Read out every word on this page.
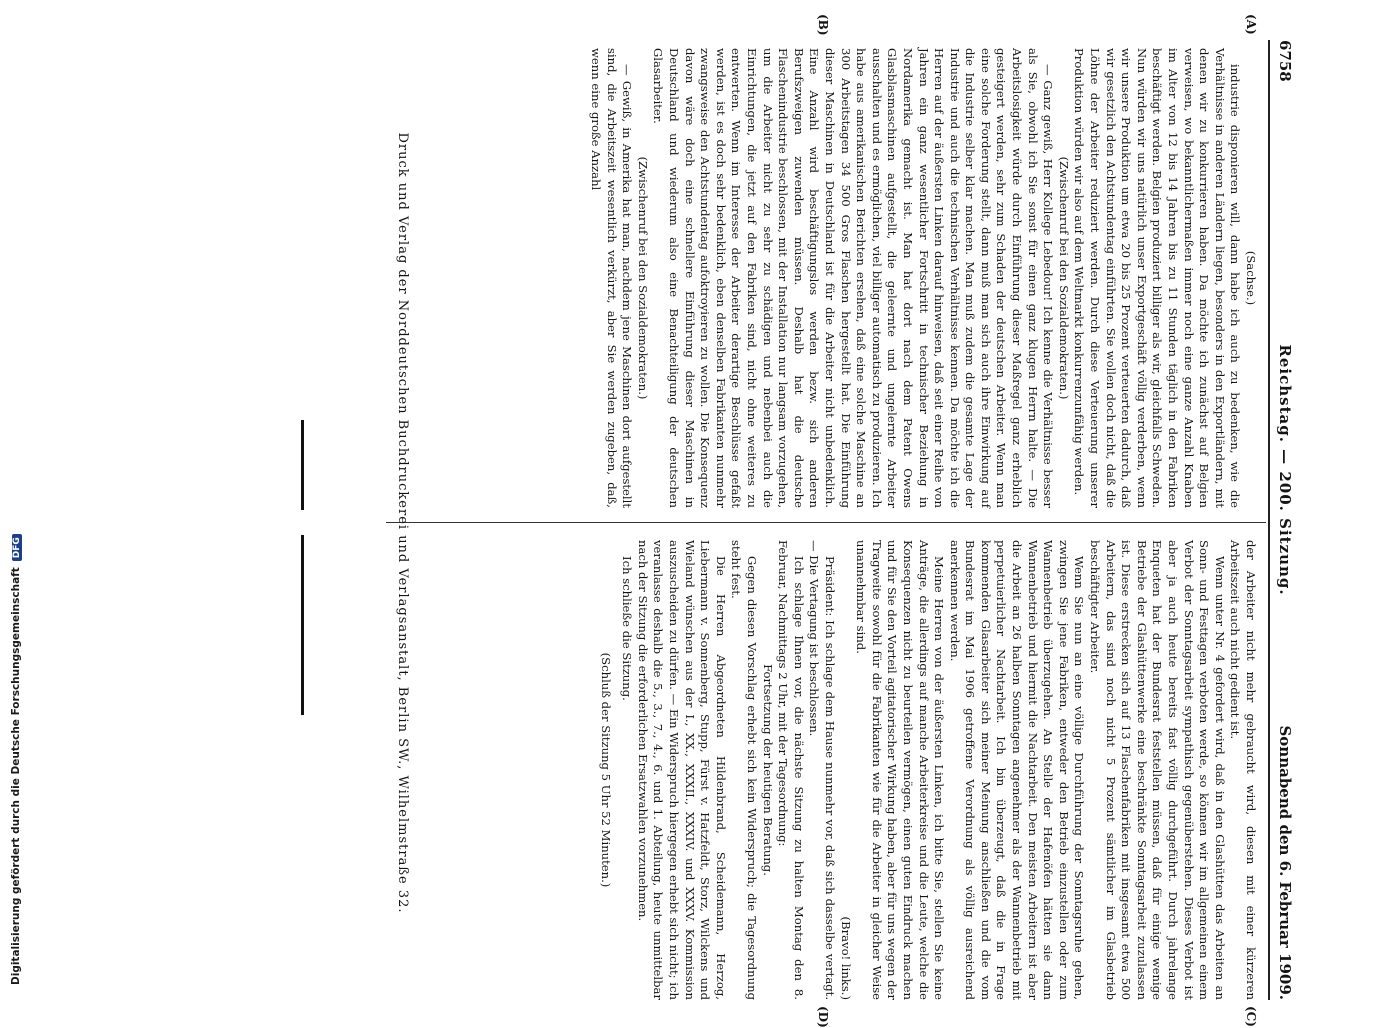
6758
Reichstag. — 200. Sitzung.
Sonnabend den 6. Februar 1909.
(A)
(B)
(C)
(D)

(Sachse.)

industrie disponieren will, dann habe ich auch zu bedenken, wie die Verhältnisse in anderen Ländern liegen, besonders in den Exportländern, mit denen wir zu konkurrieren haben. Da möchte ich zunächst auf Belgien verweisen, wo bekanntlichermaßen immer noch eine ganze Anzahl Knaben im Alter von 12 bis 14 Jahren bis zu 11 Stunden täglich in den Fabriken beschäftigt werden. Belgien produziert billiger als wir, gleichfalls Schweden. Nun würden wir uns natürlich unser Exportgeschäft völlig verderben, wenn wir unsere Produktion um etwa 20 bis 25 Prozent verteuerten dadurch, daß wir gesetzlich den Achtstundentag einführten. Sie wollen doch nicht, daß die Löhne der Arbeiter reduziert werden. Durch diese Verteuerung unserer Produktion würden wir also auf dem Weltmarkt konkurrenzunfähig werden.

(Zwischenruf bei den Sozialdemokraten.)

— Ganz gewiß, Herr Kollege Lebedour! Ich kenne die Verhältnisse besser als Sie, obwohl ich Sie sonst für einen ganz klugen Herrn halte. — Die Arbeitslosigkeit würde durch Einführung dieser Maßregel ganz erheblich gesteigert werden, sehr zum Schaden der deutschen Arbeiter. Wenn man eine solche Forderung stellt, dann muß man sich auch ihre Einwirkung auf die Industrie selber klar machen. Man muß zudem die gesamte Lage der Industrie und auch die technischen Verhältnisse kennen. Da möchte ich die Herren auf der äußersten Linken darauf hinweisen, daß seit einer Reihe von Jahren ein ganz wesentlicher Fortschritt in technischer Beziehung in Nordamerika gemacht ist. Man hat dort nach dem Patent Owens Glasblasmaschinen aufgestellt, die geleernte und ungelernte Arbeiter ausschalten und es ermöglichen, viel billiger automatisch zu produzieren. Ich habe aus amerikanischen Berichten ersehen, daß eine solche Maschine an 300 Arbeitstagen 34 500 Gros Flaschen hergestellt hat. Die Einführung dieser Maschinen in Deutschland ist für die Arbeiter nicht unbedenklich. Eine Anzahl wird beschäftigungslos werden bezw. sich anderen Berufszweigen zuwenden müssen. Deshalb hat die deutsche Flaschenindustrie beschlossen, mit der Installation nur langsam vorzugehen, um die Arbeiter nicht zu sehr zu schädigen und nebenbei auch die Einrichtungen, die jetzt auf den Fabriken sind, nicht ohne weiteres zu entwerten. Wenn im Interesse der Arbeiter derartige Beschlüsse gefaßt werden, ist es doch sehr bedenklich, eben denselben Fabrikanten nunmehr zwangsweise den Achtstundentag aufoktroyieren zu wollen. Die Konsequenz davon wäre doch eine schnellere Einführung dieser Maschinen in Deutschland und wiederum also eine Benachteiligung der deutschen Glasarbeiter.

(Zwischenruf bei den Sozialdemokraten.)

— Gewiß, in Amerika hat man, nachdem jene Maschinen dort aufgestellt sind, die Arbeitszeit wesentlich verkürzt, aber Sie werden zugeben, daß, wenn eine große Anzahl

der Arbeiter nicht mehr gebraucht wird, diesen mit einer kürzeren Arbeitszeit auch nicht gedient ist.

Wenn unter Nr. 4 gefordert wird, daß in den Glashütten das Arbeiten an Sonn- und Festtagen verboten werde, so können wir im allgemeinen einem Verbot der Sonntagsarbeit sympathisch gegenüberstehen. Dieses Verbot ist aber ja auch heute bereits fast völlig durchgeführt. Durch jahrelange Enqueten hat der Bundesrat feststellen müssen, daß für einige wenige Betriebe der Glashüttenwerke eine beschränkte Sonntagsarbeit zuzulassen ist. Diese erstrecken sich auf 13 Flaschenfabriken mit insgesamt etwa 500 Arbeitern, das sind noch nicht 5 Prozent sämtlicher im Glasbetrieb beschäftigter Arbeiter.

Wenn Sie nun an eine völlige Durchführung der Sonntagsruhe gehen, zwingen Sie jene Fabriken, entweder den Betrieb einzustellen oder zum Wannenbetrieb überzugehen. An Stelle der Hafenöfen hätten sie dann Wannenbetrieb und hiermit die Nachtarbeit. Den meisten Arbeitern ist aber die Arbeit an 26 halben Sonntagen angenehmer als der Wannenbetrieb mit perpetuierlicher Nachtarbeit. Ich bin überzeugt, daß die in Frage kommenden Glasarbeiter sich meiner Meinung anschließen und die vom Bundesrat im Mai 1906 getroffene Verordnung als völlig ausreichend anerkennen werden.

Meine Herren von der äußersten Linken, ich bitte Sie, stellen Sie keine Anträge, die allerdings auf manche Arbeiterkreise und die Leute, welche die Konsequenzen nicht zu beurteilen vermögen, einen guten Eindruck machen und für Sie den Vorteil agitatorischer Wirkung haben, aber für uns wegen der Tragweite sowohl für die Fabrikanten wie für die Arbeiter in gleicher Weise unannehmbar sind.

(Bravo! links.)

Präsident: Ich schlage dem Hause nunmehr vor, daß sich dasselbe vertagt. — Die Vertagung ist beschlossen.

Ich schlage Ihnen vor, die nächste Sitzung zu halten Montag den 8. Februar, Nachmittags 2 Uhr, mit der Tagesordnung:

Fortsetzung der heutigen Beratung.

Gegen diesen Vorschlag erhebt sich kein Widerspruch; die Tagesordnung steht fest.

Die Herren Abgeordneten Hildenbrand, Scheidemann, Herzog, Liebermann v. Sonnenberg, Stupp, Fürst v. Hatzfeldt, Storz, Wilckens und Wieland wünschen aus der I., XX., XXXII., XXXIV. und XXXV. Kommission auszuscheiden zu dürfen. — Ein Widerspruch hiergegen erhebt sich nicht; ich veranlasse deshalb die 5., 3., 7., 4., 6. und 1. Abteilung, heute unmittelbar nach der Sitzung die erforderlichen Ersatzwahlen vorzunehmen.

Ich schließe die Sitzung.

(Schluß der Sitzung 5 Uhr 52 Minuten.)

Druck und Verlag der Norddeutschen Buchdruckerei und Verlagsanstalt, Berlin SW., Wilhelmstraße 32.
Digitalisierung gefördert durch die Deutsche ForschungsgemeinschaftDFG
